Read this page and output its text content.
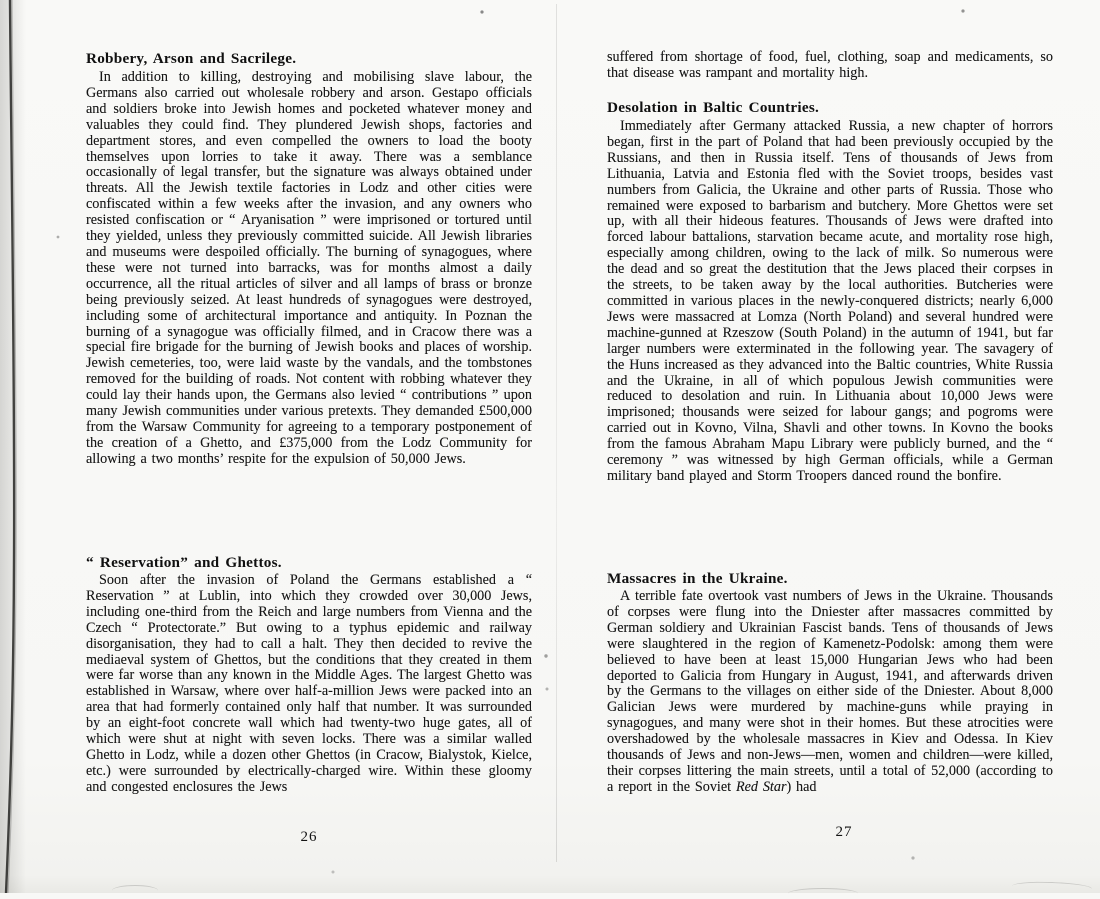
Robbery, Arson and Sacrilege.

In addition to killing, destroying and mobilising slave labour, the Germans also carried out wholesale robbery and arson. Gestapo officials and soldiers broke into Jewish homes and pocketed whatever money and valuables they could find. They plundered Jewish shops, factories and department stores, and even compelled the owners to load the booty themselves upon lorries to take it away. There was a semblance occasionally of legal transfer, but the signature was always obtained under threats. All the Jewish textile factories in Lodz and other cities were confiscated within a few weeks after the invasion, and any owners who resisted confiscation or “ Aryanisation ” were imprisoned or tortured until they yielded, unless they previously committed suicide. All Jewish libraries and museums were despoiled officially. The burning of synagogues, where these were not turned into barracks, was for months almost a daily occurrence, all the ritual articles of silver and all lamps of brass or bronze being previously seized. At least hundreds of synagogues were destroyed, including some of architectural importance and antiquity. In Poznan the burning of a synagogue was officially filmed, and in Cracow there was a special fire brigade for the burning of Jewish books and places of worship. Jewish cemeteries, too, were laid waste by the vandals, and the tombstones removed for the building of roads. Not content with robbing whatever they could lay their hands upon, the Germans also levied “ contributions ” upon many Jewish communities under various pretexts. They demanded £500,000 from the Warsaw Community for agreeing to a temporary postponement of the creation of a Ghetto, and £375,000 from the Lodz Community for allowing a two months’ respite for the expulsion of 50,000 Jews.

“ Reservation” and Ghettos.

Soon after the invasion of Poland the Germans established a “ Reservation ” at Lublin, into which they crowded over 30,000 Jews, including one-third from the Reich and large numbers from Vienna and the Czech “ Protectorate.” But owing to a typhus epidemic and railway disorganisation, they had to call a halt. They then decided to revive the mediaeval system of Ghettos, but the conditions that they created in them were far worse than any known in the Middle Ages. The largest Ghetto was established in Warsaw, where over half-a-million Jews were packed into an area that had formerly contained only half that number. It was surrounded by an eight-foot concrete wall which had twenty-two huge gates, all of which were shut at night with seven locks. There was a similar walled Ghetto in Lodz, while a dozen other Ghettos (in Cracow, Bialystok, Kielce, etc.) were surrounded by electrically-charged wire. Within these gloomy and congested enclosures the Jews

26

suffered from shortage of food, fuel, clothing, soap and medicaments, so that disease was rampant and mortality high.

Desolation in Baltic Countries.

Immediately after Germany attacked Russia, a new chapter of horrors began, first in the part of Poland that had been previously occupied by the Russians, and then in Russia itself. Tens of thousands of Jews from Lithuania, Latvia and Estonia fled with the Soviet troops, besides vast numbers from Galicia, the Ukraine and other parts of Russia. Those who remained were exposed to barbarism and butchery. More Ghettos were set up, with all their hideous features. Thousands of Jews were drafted into forced labour battalions, starvation became acute, and mortality rose high, especially among children, owing to the lack of milk. So numerous were the dead and so great the destitution that the Jews placed their corpses in the streets, to be taken away by the local authorities. Butcheries were committed in various places in the newly-conquered districts; nearly 6,000 Jews were massacred at Lomza (North Poland) and several hundred were machine-gunned at Rzeszow (South Poland) in the autumn of 1941, but far larger numbers were exterminated in the following year. The savagery of the Huns increased as they advanced into the Baltic countries, White Russia and the Ukraine, in all of which populous Jewish communities were reduced to desolation and ruin. In Lithuania about 10,000 Jews were imprisoned; thousands were seized for labour gangs; and pogroms were carried out in Kovno, Vilna, Shavli and other towns. In Kovno the books from the famous Abraham Mapu Library were publicly burned, and the “ ceremony ” was witnessed by high German officials, while a German military band played and Storm Troopers danced round the bonfire.

Massacres in the Ukraine.

A terrible fate overtook vast numbers of Jews in the Ukraine. Thousands of corpses were flung into the Dniester after massacres committed by German soldiery and Ukrainian Fascist bands. Tens of thousands of Jews were slaughtered in the region of Kamenetz-Podolsk: among them were believed to have been at least 15,000 Hungarian Jews who had been deported to Galicia from Hungary in August, 1941, and afterwards driven by the Germans to the villages on either side of the Dniester. About 8,000 Galician Jews were murdered by machine-guns while praying in synagogues, and many were shot in their homes. But these atrocities were overshadowed by the wholesale massacres in Kiev and Odessa. In Kiev thousands of Jews and non-Jews—men, women and children—were killed, their corpses littering the main streets, until a total of 52,000 (according to a report in the Soviet Red Star) had

27
